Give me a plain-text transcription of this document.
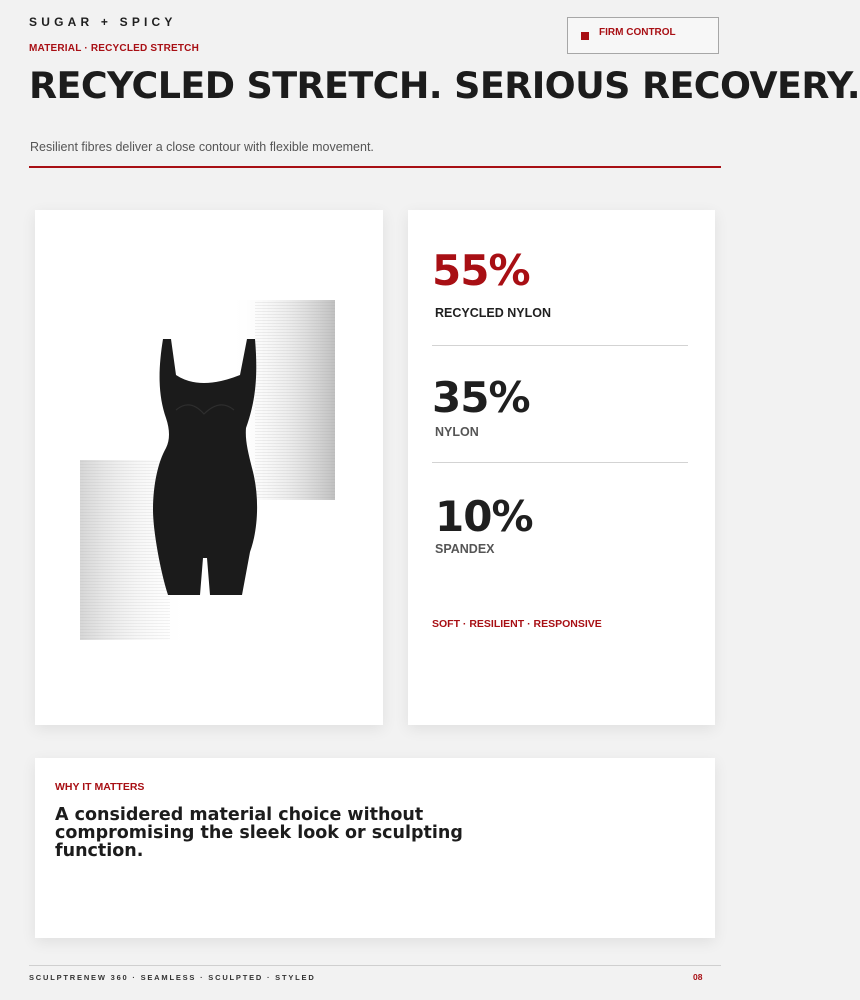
SUGAR + SPICY
MATERIAL · RECYCLED STRETCH
FIRM CONTROL
RECYCLED STRETCH. SERIOUS RECOVERY.
Resilient fibres deliver a close contour with flexible movement.
55%
RECYCLED NYLON
35%
NYLON
10%
SPANDEX
SOFT · RESILIENT · RESPONSIVE
WHY IT MATTERS

A considered material choice without compromising the sleek look or sculpting function.

SCULPTRENEW 360 · SEAMLESS · SCULPTED · STYLED	08
